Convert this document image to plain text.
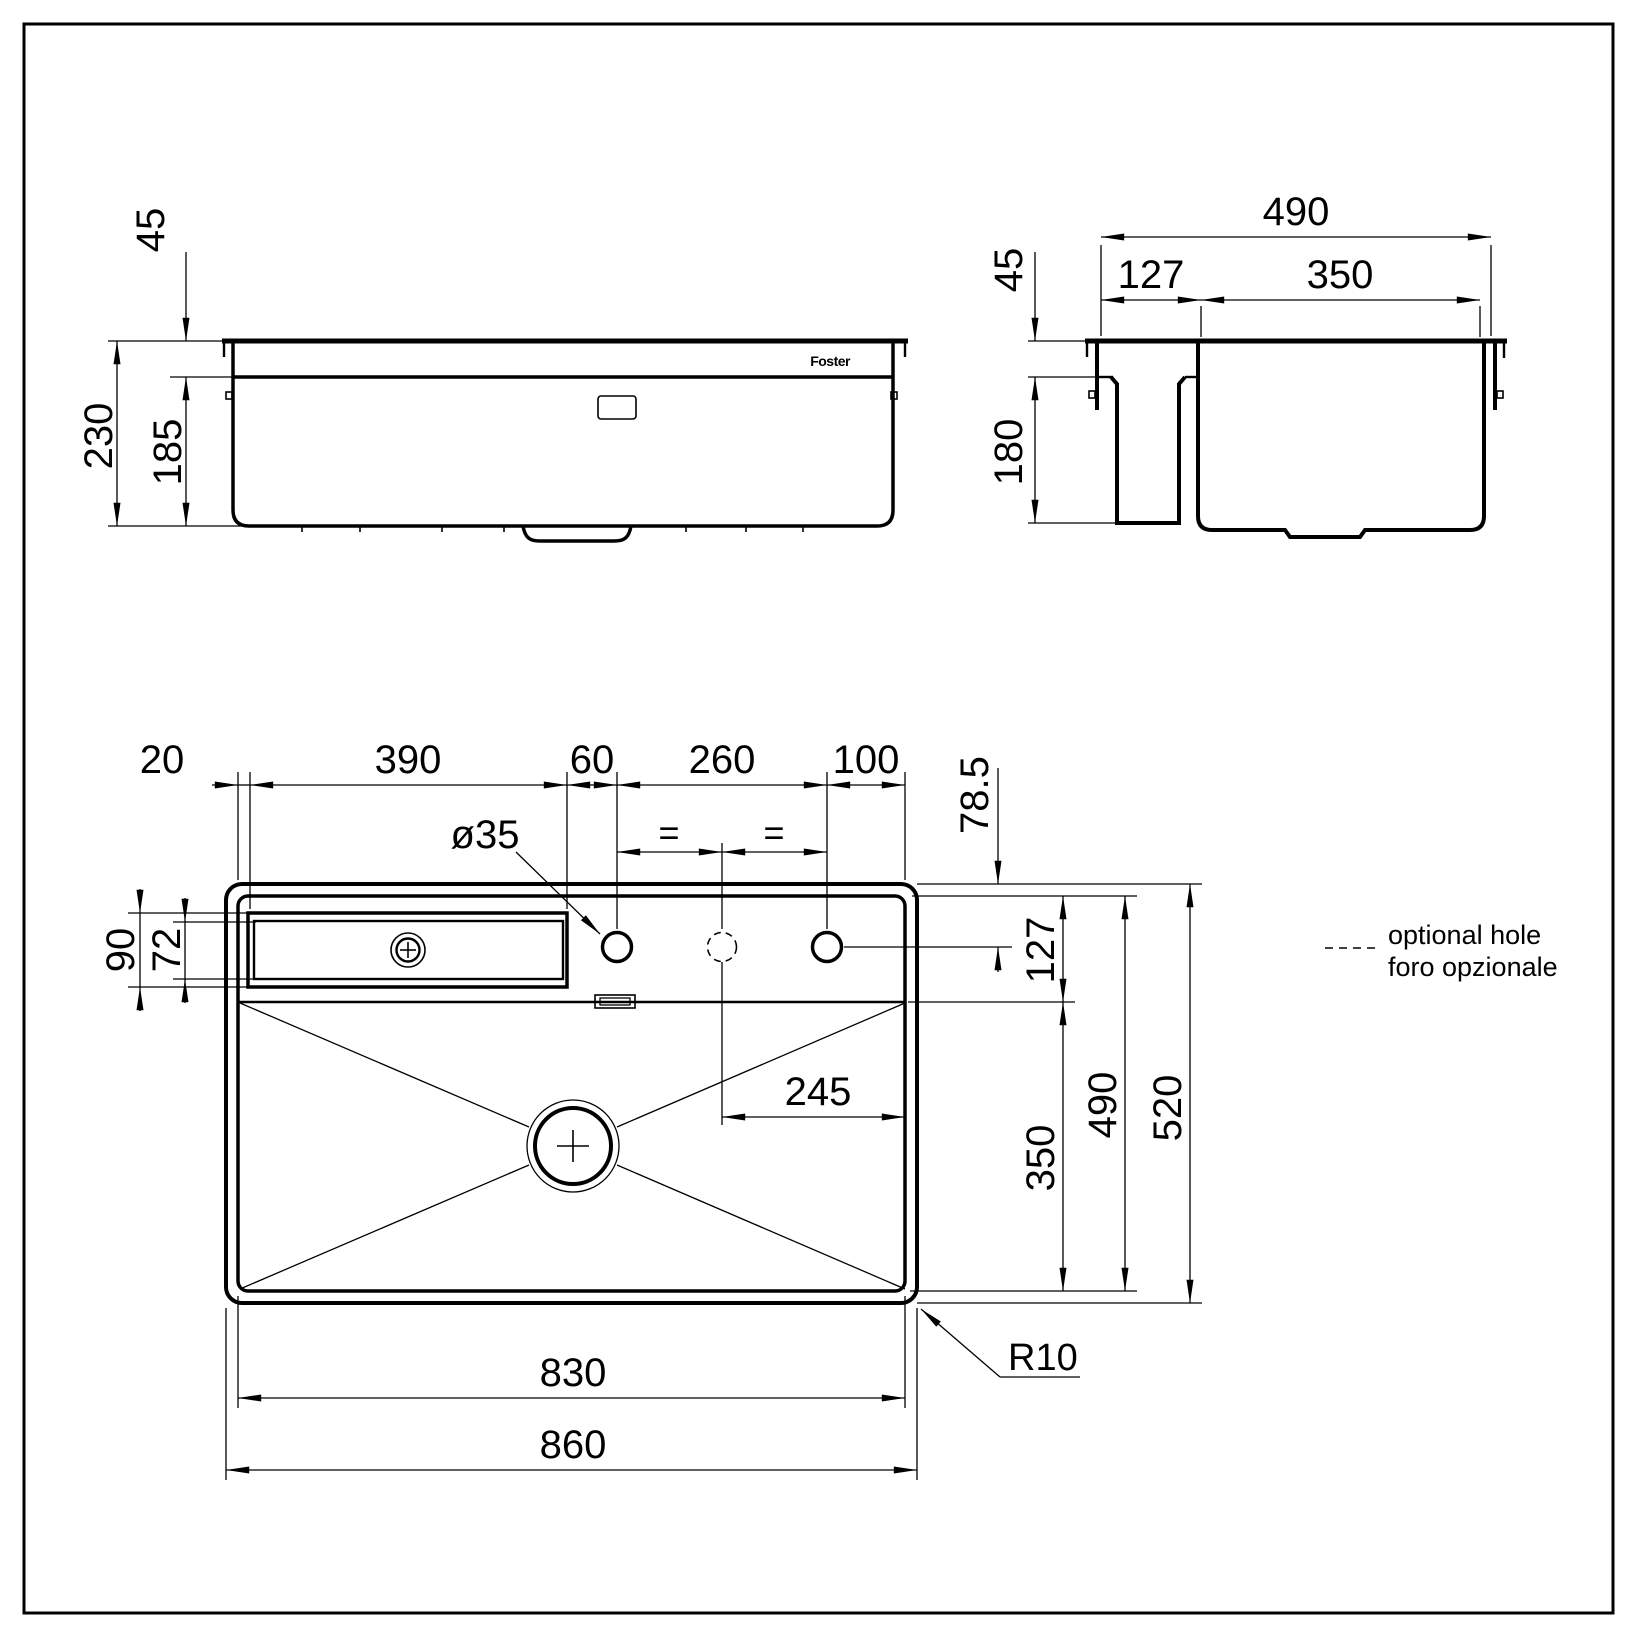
Foster
45
230 185
490
127	350
45
180
20	390	60 260 100
= =
ø35
78.5
90 72	127
350
490 520
245
830
860
R10
optional hole
foro opzionale
